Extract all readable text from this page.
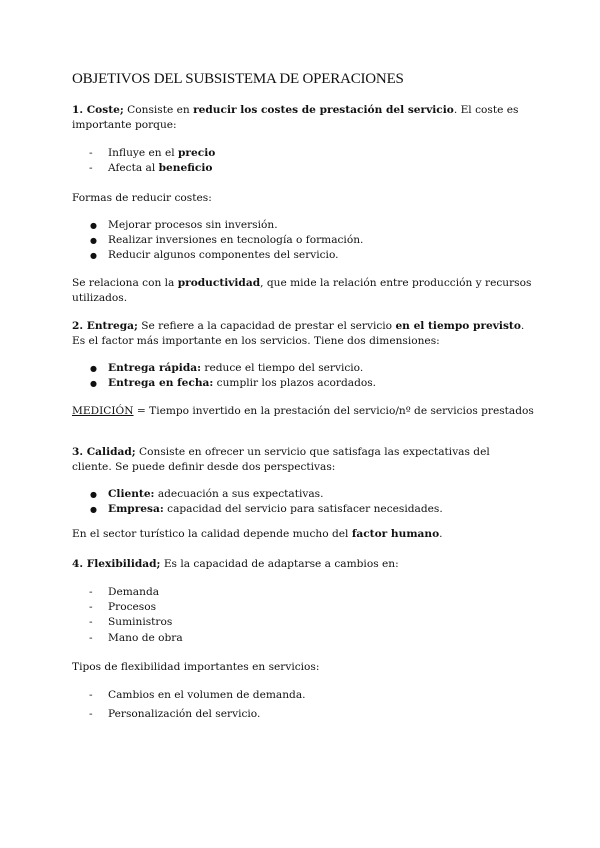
OBJETIVOS DEL SUBSISTEMA DE OPERACIONES

1. Coste; Consiste en reducir los costes de prestación del servicio. El coste es importante porque:

- Influye en el precio
- Afecta al beneficio
Formas de reducir costes:
● Mejorar procesos sin inversión.
● Realizar inversiones en tecnología o formación.
● Reducir algunos componentes del servicio.

Se relaciona con la productividad, que mide la relación entre producción y recursos utilizados.

2. Entrega; Se refiere a la capacidad de prestar el servicio en el tiempo previsto. Es el factor más importante en los servicios. Tiene dos dimensiones:

● Entrega rápida: reduce el tiempo del servicio.
● Entrega en fecha: cumplir los plazos acordados.
MEDICIÓN = Tiempo invertido en la prestación del servicio/nº de servicios prestados

3. Calidad; Consiste en ofrecer un servicio que satisfaga las expectativas del cliente. Se puede definir desde dos perspectivas:

● Cliente: adecuación a sus expectativas.
● Empresa: capacidad del servicio para satisfacer necesidades.
En el sector turístico la calidad depende mucho del factor humano.
4. Flexibilidad; Es la capacidad de adaptarse a cambios en:
- Demanda
- Procesos
- Suministros
- Mano de obra
Tipos de flexibilidad importantes en servicios:
- Cambios en el volumen de demanda.
- Personalización del servicio.
